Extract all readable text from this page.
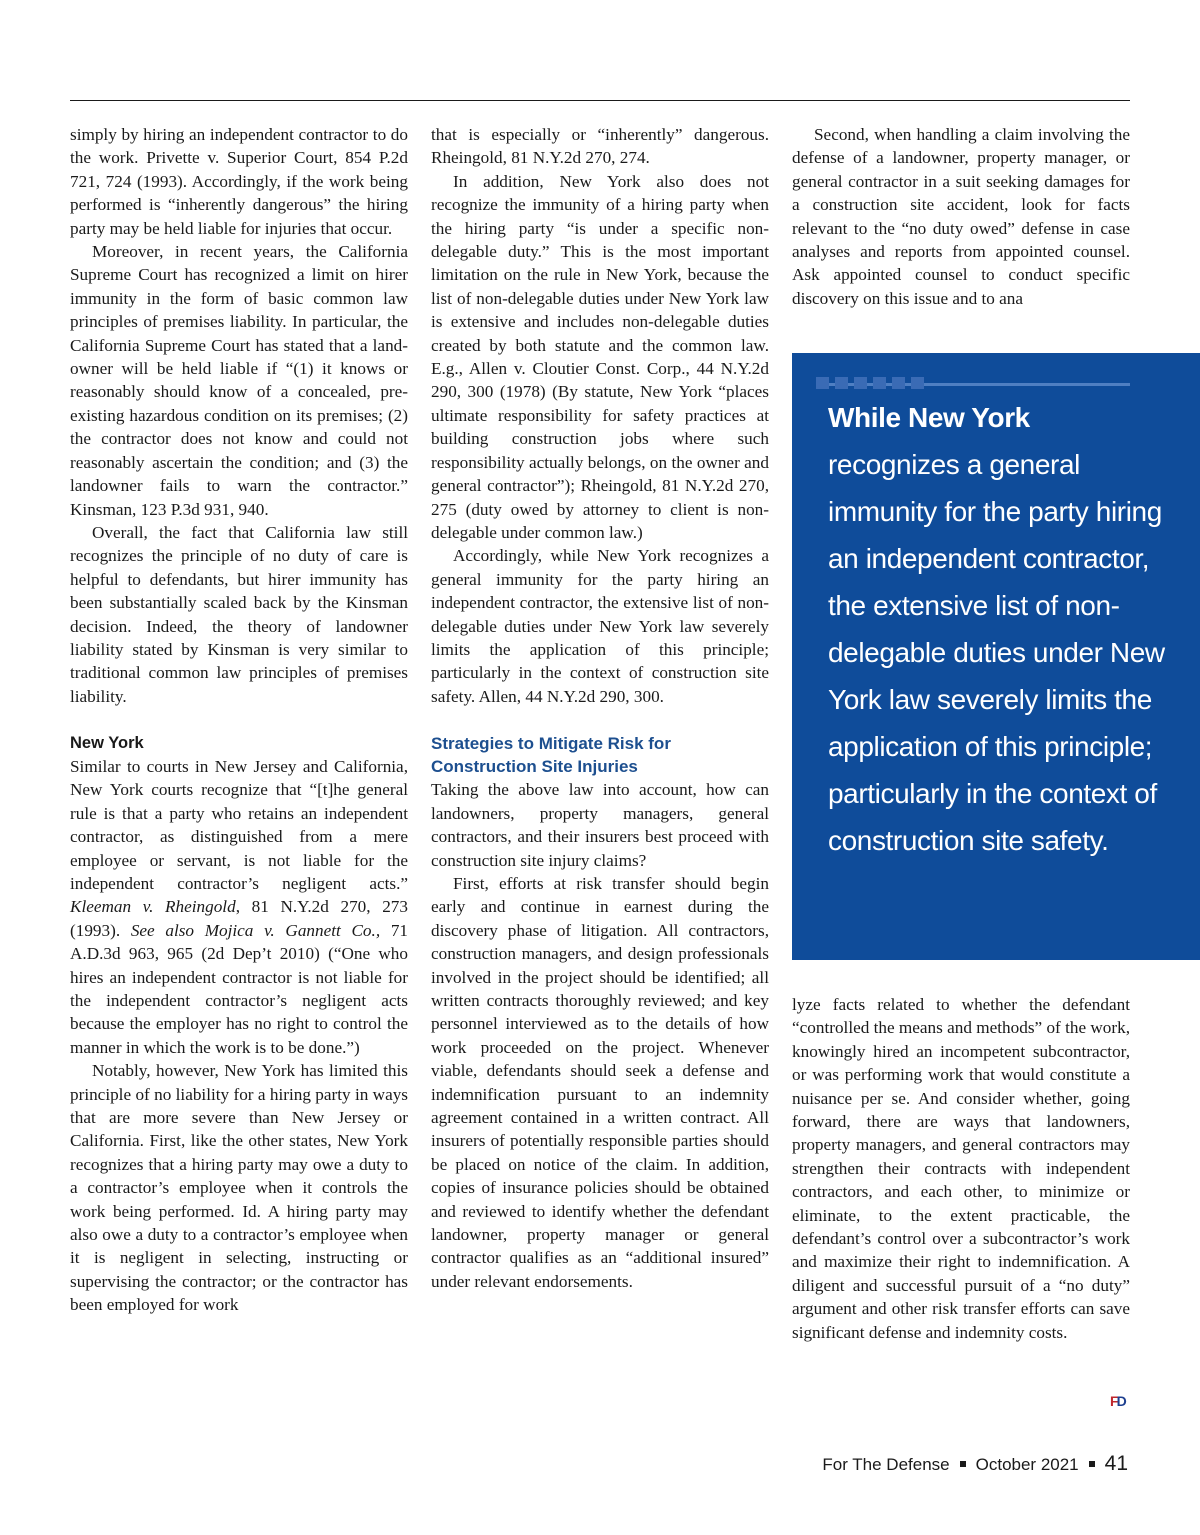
simply by hiring an independent contractor to do the work. Privette v. Superior Court, 854 P.2d 721, 724 (1993). Accordingly, if the work being performed is “inherently dangerous” the hiring party may be held liable for injuries that occur.

Moreover, in recent years, the California Supreme Court has recognized a limit on hirer immunity in the form of basic common law principles of premises liability. In particular, the California Supreme Court has stated that a landowner will be held liable if “(1) it knows or reasonably should know of a concealed, pre-existing hazardous condition on its premises; (2) the contractor does not know and could not reasonably ascertain the condition; and (3) the landowner fails to warn the contractor.” Kinsman, 123 P.3d 931, 940.

Overall, the fact that California law still recognizes the principle of no duty of care is helpful to defendants, but hirer immunity has been substantially scaled back by the Kinsman decision. Indeed, the theory of landowner liability stated by Kinsman is very similar to traditional common law principles of premises liability.

New York

Similar to courts in New Jersey and California, New York courts recognize that “[t]he general rule is that a party who retains an independent contractor, as distinguished from a mere employee or servant, is not liable for the independent contractor’s negligent acts.” Kleeman v. Rheingold, 81 N.Y.2d 270, 273 (1993). See also Mojica v. Gannett Co., 71 A.D.3d 963, 965 (2d Dep’t 2010) (“One who hires an independent contractor is not liable for the independent contractor’s negligent acts because the employer has no right to control the manner in which the work is to be done.”)

Notably, however, New York has limited this principle of no liability for a hiring party in ways that are more severe than New Jersey or California. First, like the other states, New York recognizes that a hiring party may owe a duty to a contractor’s employee when it controls the work being performed. Id. A hiring party may also owe a duty to a contractor’s employee when it is negligent in selecting, instructing or supervising the contractor; or the contractor has been employed for work

that is especially or “inherently” dangerous. Rheingold, 81 N.Y.2d 270, 274.

In addition, New York also does not recognize the immunity of a hiring party when the hiring party “is under a specific non-delegable duty.” This is the most important limitation on the rule in New York, because the list of non-delegable duties under New York law is extensive and includes non-delegable duties created by both statute and the common law. E.g., Allen v. Cloutier Const. Corp., 44 N.Y.2d 290, 300 (1978) (By statute, New York “places ultimate responsibility for safety practices at building construction jobs where such responsibility actually belongs, on the owner and general contractor”); Rheingold, 81 N.Y.2d 270, 275 (duty owed by attorney to client is non-delegable under common law.)

Accordingly, while New York recognizes a general immunity for the party hiring an independent contractor, the extensive list of non-delegable duties under New York law severely limits the application of this principle; particularly in the context of construction site safety. Allen, 44 N.Y.2d 290, 300.

Strategies to Mitigate Risk for Construction Site Injuries

Taking the above law into account, how can landowners, property managers, general contractors, and their insurers best proceed with construction site injury claims?

First, efforts at risk transfer should begin early and continue in earnest during the discovery phase of litigation. All contractors, construction managers, and design professionals involved in the project should be identified; all written contracts thoroughly reviewed; and key personnel interviewed as to the details of how work proceeded on the project. Whenever viable, defendants should seek a defense and indemnification pursuant to an indemnity agreement contained in a written contract. All insurers of potentially responsible parties should be placed on notice of the claim. In addition, copies of insurance policies should be obtained and reviewed to identify whether the defendant landowner, property manager or general contractor qualifies as an “additional insured” under relevant endorsements.

Second, when handling a claim involving the defense of a landowner, property manager, or general contractor in a suit seeking damages for a construction site accident, look for facts relevant to the “no duty owed” defense in case analyses and reports from appointed counsel. Ask appointed counsel to conduct specific discovery on this issue and to ana

While New York
recognizes a general immunity for the party hiring an independent contractor, the extensive list of non-delegable duties under New York law severely limits the application of this principle; particularly in the context of construction site safety.

lyze facts related to whether the defendant “controlled the means and methods” of the work, knowingly hired an incompetent subcontractor, or was performing work that would constitute a nuisance per se. And consider whether, going forward, there are ways that landowners, property managers, and general contractors may strengthen their contracts with independent contractors, and each other, to minimize or eliminate, to the extent practicable, the defendant’s control over a subcontractor’s work and maximize their right to indemnification. A diligent and successful pursuit of a “no duty” argument and other risk transfer efforts can save significant defense and indemnity costs.

FD
For The Defense October 2021 41
